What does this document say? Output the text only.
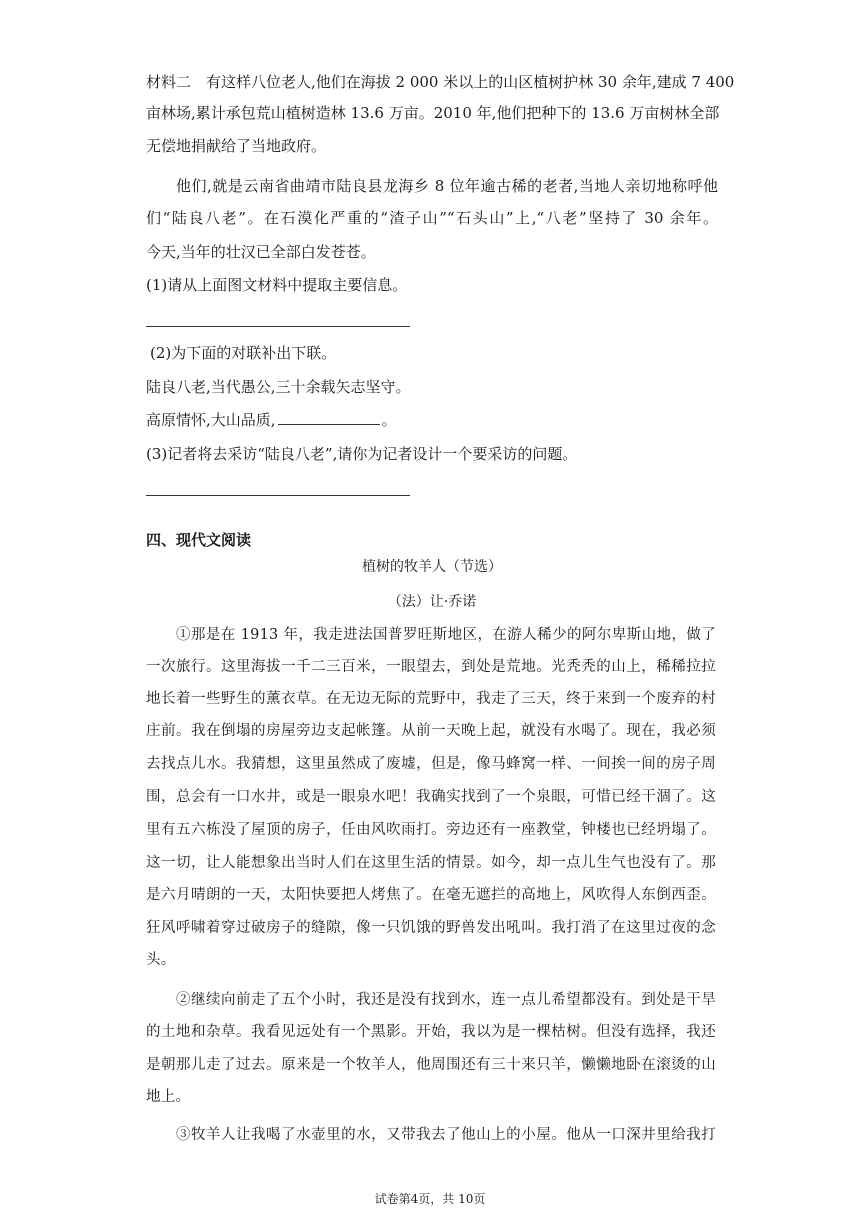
材料二　有这样八位老人,他们在海拔 2 000 米以上的山区植树护林 30 余年,建成 7 400
亩林场,累计承包荒山植树造林 13.6 万亩。2010 年,他们把种下的 13.6 万亩树林全部
无偿地捐献给了当地政府。
他们,就是云南省曲靖市陆良县龙海乡 8 位年逾古稀的老者,当地人亲切地称呼他
们“陆良八老”。在石漠化严重的“渣子山”“石头山”上,“八老”坚持了 30 余年。
今天,当年的壮汉已全部白发苍苍。
(1)请从上面图文材料中提取主要信息。
(2)为下面的对联补出下联。
陆良八老,当代愚公,三十余载矢志坚守。
高原情怀,大山品质,	。
(3)记者将去采访“陆良八老”,请你为记者设计一个要采访的问题。
四、现代文阅读
植树的牧羊人（节选）
（法）让·乔诺
①那是在 1913 年，我走进法国普罗旺斯地区，在游人稀少的阿尔卑斯山地，做了
一次旅行。这里海拔一千二三百米，一眼望去，到处是荒地。光秃秃的山上，稀稀拉拉
地长着一些野生的薰衣草。在无边无际的荒野中，我走了三天，终于来到一个废弃的村
庄前。我在倒塌的房屋旁边支起帐篷。从前一天晚上起，就没有水喝了。现在，我必须
去找点儿水。我猜想，这里虽然成了废墟，但是，像马蜂窝一样、一间挨一间的房子周
围，总会有一口水井，或是一眼泉水吧！我确实找到了一个泉眼，可惜已经干涸了。这
里有五六栋没了屋顶的房子，任由风吹雨打。旁边还有一座教堂，钟楼也已经坍塌了。
这一切，让人能想象出当时人们在这里生活的情景。如今，却一点儿生气也没有了。那
是六月晴朗的一天，太阳快要把人烤焦了。在毫无遮拦的高地上，风吹得人东倒西歪。
狂风呼啸着穿过破房子的缝隙，像一只饥饿的野兽发出吼叫。我打消了在这里过夜的念
头。
②继续向前走了五个小时，我还是没有找到水，连一点儿希望都没有。到处是干旱
的土地和杂草。我看见远处有一个黑影。开始，我以为是一棵枯树。但没有选择，我还
是朝那儿走了过去。原来是一个牧羊人，他周围还有三十来只羊，懒懒地卧在滚烫的山
地上。
③牧羊人让我喝了水壶里的水，又带我去了他山上的小屋。他从一口深井里给我打
试卷第4页，共 10页
